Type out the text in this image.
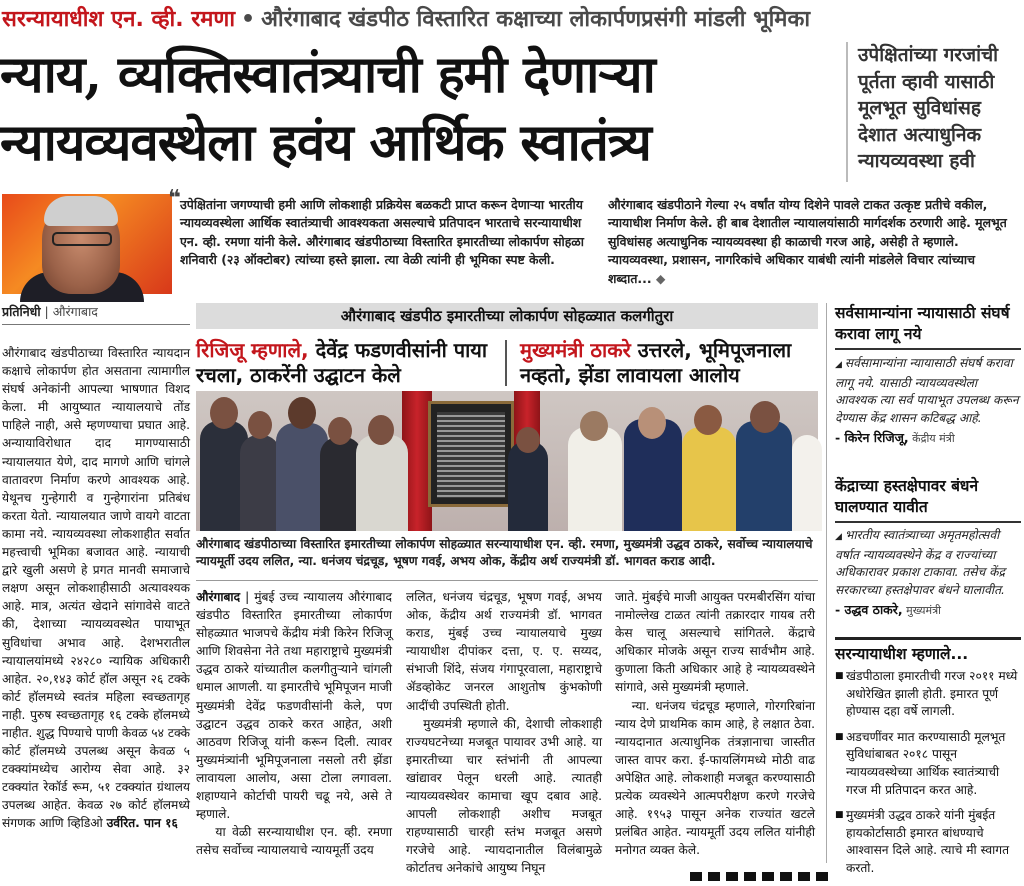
सरन्यायाधीश एन. व्ही. रमणा • औरंगाबाद खंडपीठ विस्तारित कक्षाच्या लोकार्पणप्रसंगी मांडली भूमिका
न्याय, व्यक्तिस्वातंत्र्याची हमी देणाऱ्या
न्यायव्यवस्थेला हवंय आर्थिक स्वातंत्र्य
उपेक्षितांच्या गरजांची पूर्तता व्हावी यासाठी मूलभूत सुविधांसह देशात अत्याधुनिक न्यायव्यवस्था हवी
❝ उपेक्षितांना जगण्याची हमी आणि लोकशाही प्रक्रियेस बळकटी प्राप्त करून देणाऱ्या भारतीय न्यायव्यवस्थेला आर्थिक स्वातंत्र्याची आवश्यकता असल्याचे प्रतिपादन भारताचे सरन्यायाधीश एन. व्ही. रमणा यांनी केले. औरंगाबाद खंडपीठाच्या विस्तारित इमारतीच्या लोकार्पण सोहळा शनिवारी (२३ ऑक्टोबर) त्यांच्या हस्ते झाला. त्या वेळी त्यांनी ही भूमिका स्पष्ट केली.
औरंगाबाद खंडपीठाने गेल्या २५ वर्षांत योग्य दिशेने पावले टाकत उत्कृष्ट प्रतीचे वकील, न्यायाधीश निर्माण केले. ही बाब देशातील न्यायालयांसाठी मार्गदर्शक ठरणारी आहे. मूलभूत सुविधांसह अत्याधुनिक न्यायव्यवस्था ही काळाची गरज आहे, असेही ते म्हणाले. न्यायव्यवस्था, प्रशासन, नागरिकांचे अधिकार याबंधी त्यांनी मांडलेले विचार त्यांच्याच शब्दात... ◆
प्रतिनिधी | औरंगाबाद
औरंगाबाद खंडपीठाच्या विस्तारित न्यायदान कक्षाचे लोकार्पण होत असताना त्यामागील संघर्ष अनेकांनी आपल्या भाषणात विशद केला. मी आयुष्यात न्यायालयाचे तोंड पाहिले नाही, असे म्हणण्याचा प्रघात आहे. अन्यायाविरोधात दाद मागण्यासाठी न्यायालयात येणे, दाद मागणे आणि चांगले वातावरण निर्माण करणे आवश्यक आहे. येथूनच गुन्हेगारी व गुन्हेगारांना प्रतिबंध करता येतो. न्यायालयात जाणे वायगे वाटता कामा नये. न्यायव्यवस्था लोकशाहीत सर्वात महत्त्वाची भूमिका बजावत आहे. न्यायाची द्वारे खुली असणे हे प्रगत मानवी समाजाचे लक्षण असून लोकशाहीसाठी अत्यावश्यक आहे. मात्र, अत्यंत खेदाने सांगावेसे वाटते की, देशाच्या न्यायव्यवस्थेत पायाभूत सुविधांचा अभाव आहे. देशभरातील न्यायालयांमध्ये २४२८० न्यायिक अधिकारी आहेत. २०,१४३ कोर्ट हॉल असून २६ टक्के कोर्ट हॉलमध्ये स्वतंत्र महिला स्वच्छतागृह नाही. पुरुष स्वच्छतागृह १६ टक्के हॉलमध्ये नाहीत. शुद्ध पिण्याचे पाणी केवळ ५४ टक्के कोर्ट हॉलमध्ये उपलब्ध असून केवळ ५ टक्क्यांमध्येच आरोग्य सेवा आहे. ३२ टक्क्यांत रेकॉर्ड रूम, ५१ टक्क्यांत ग्रंथालय उपलब्ध आहेत. केवळ २७ कोर्ट हॉलमध्ये संगणक आणि व्हिडिओ उर्वरित. पान १६
औरंगाबाद खंडपीठ इमारतीच्या लोकार्पण सोहळ्यात कलगीतुरा
रिजिजू म्हणाले, देवेंद्र फडणवीसांनी पाया रचला, ठाकरेंनी उद्घाटन केले
मुख्यमंत्री ठाकरे उत्तरले, भूमिपूजनाला नव्हतो, झेंडा लावायला आलोय
औरंगाबाद खंडपीठाच्या विस्तारित इमारतीच्या लोकार्पण सोहळ्यात सरन्यायाधीश एन. व्ही. रमणा, मुख्यमंत्री उद्धव ठाकरे, सर्वोच्च न्यायालयाचे न्यायमूर्ती उदय ललित, न्या. धनंजय चंद्रचूड, भूषण गवई, अभय ओक, केंद्रीय अर्थ राज्यमंत्री डॉ. भागवत कराड आदी.
औरंगाबाद | मुंबई उच्च न्यायालय औरंगाबाद खंडपीठ विस्तारित इमारतीच्या लोकार्पण सोहळ्यात भाजपचे केंद्रीय मंत्री किरेन रिजिजू आणि शिवसेना नेते तथा महाराष्ट्राचे मुख्यमंत्री उद्धव ठाकरे यांच्यातील कलगीतुऱ्याने चांगली धमाल आणली. या इमारतीचे भूमिपूजन माजी मुख्यमंत्री देवेंद्र फडणवीसांनी केले, पण उद्घाटन उद्धव ठाकरे करत आहेत, अशी आठवण रिजिजू यांनी करून दिली. त्यावर मुख्यमंत्र्यांनी भूमिपूजनाला नसलो तरी झेंडा लावायला आलोय, असा टोला लगावला. शहाण्याने कोर्टाची पायरी चढू नये, असे ते म्हणाले.
या वेळी सरन्यायाधीश एन. व्ही. रमणा तसेच सर्वोच्च न्यायालयाचे न्यायमूर्ती उदय
ललित, धनंजय चंद्रचूड, भूषण गवई, अभय ओक, केंद्रीय अर्थ राज्यमंत्री डॉ. भागवत कराड, मुंबई उच्च न्यायालयाचे मुख्य न्यायाधीश दीपांकर दत्ता, ए. ए. सय्यद, संभाजी शिंदे, संजय गंगापूरवाला, महाराष्ट्राचे ॲडव्होकेट जनरल आशुतोष कुंभकोणी आदींची उपस्थिती होती.
मुख्यमंत्री म्हणाले की, देशाची लोकशाही राज्यघटनेच्या मजबूत पायावर उभी आहे. या इमारतीच्या चार स्तंभांनी ती आपल्या खांद्यावर पेलून धरली आहे. त्यातही न्यायव्यवस्थेवर कामाचा खूप दबाव आहे. आपली लोकशाही अशीच मजबूत राहण्यासाठी चारही स्तंभ मजबूत असणे गरजेचे आहे. न्यायदानातील विलंबामुळे कोर्टातच अनेकांचे आयुष्य निघून
जाते. मुंबईचे माजी आयुक्त परमबीरसिंग यांचा नामोल्लेख टाळत त्यांनी तक्रारदार गायब तरी केस चालू असल्याचे सांगितले. केंद्राचे अधिकार मोजके असून राज्य सार्वभौम आहे. कुणाला किती अधिकार आहे हे न्यायव्यवस्थेने सांगावे, असे मुख्यमंत्री म्हणाले.
न्या. धनंजय चंद्रचूड म्हणाले, गोरगरिबांना न्याय देणे प्राथमिक काम आहे, हे लक्षात ठेवा. न्यायदानात अत्याधुनिक तंत्रज्ञानाचा जास्तीत जास्त वापर करा. ई-फायलिंगमध्ये मोठी वाढ अपेक्षित आहे. लोकशाही मजबूत करण्यासाठी प्रत्येक व्यवस्थेने आत्मपरीक्षण करणे गरजेचे आहे. १९५३ पासून अनेक राज्यांत खटले प्रलंबित आहेत. न्यायमूर्ती उदय ललित यांनीही मनोगत व्यक्त केले.
सर्वसामान्यांना न्यायासाठी संघर्ष करावा लागू नये
◢ सर्वसामान्यांना न्यायासाठी संघर्ष करावा लागू नये. यासाठी न्यायव्यवस्थेला आवश्यक त्या सर्व पायाभूत उपलब्ध करून देण्यास केंद्र शासन कटिबद्ध आहे.
- किरेन रिजिजू, केंद्रीय मंत्री
केंद्राच्या हस्तक्षेपावर बंधने घालण्यात यावीत
◢ भारतीय स्वातंत्र्याच्या अमृतमहोत्सवी वर्षात न्यायव्यवस्थेने केंद्र व राज्यांच्या अधिकारावर प्रकाश टाकावा. तसेच केंद्र सरकारच्या हस्तक्षेपावर बंधने घालावीत.
- उद्धव ठाकरे, मुख्यमंत्री
सरन्यायाधीश म्हणाले...
■ खंडपीठाला इमारतीची गरज २०११ मध्ये अधोरेखित झाली होती. इमारत पूर्ण होण्यास दहा वर्षे लागली.
■ अडचणींवर मात करण्यासाठी मूलभूत सुविधांबाबत २०१८ पासून न्यायव्यवस्थेच्या आर्थिक स्वातंत्र्याची गरज मी प्रतिपादन करत आहे.
■ मुख्यमंत्री उद्धव ठाकरे यांनी मुंबईत हायकोर्टासाठी इमारत बांधण्याचे आश्वासन दिले आहे. त्याचे मी स्वागत करतो.
